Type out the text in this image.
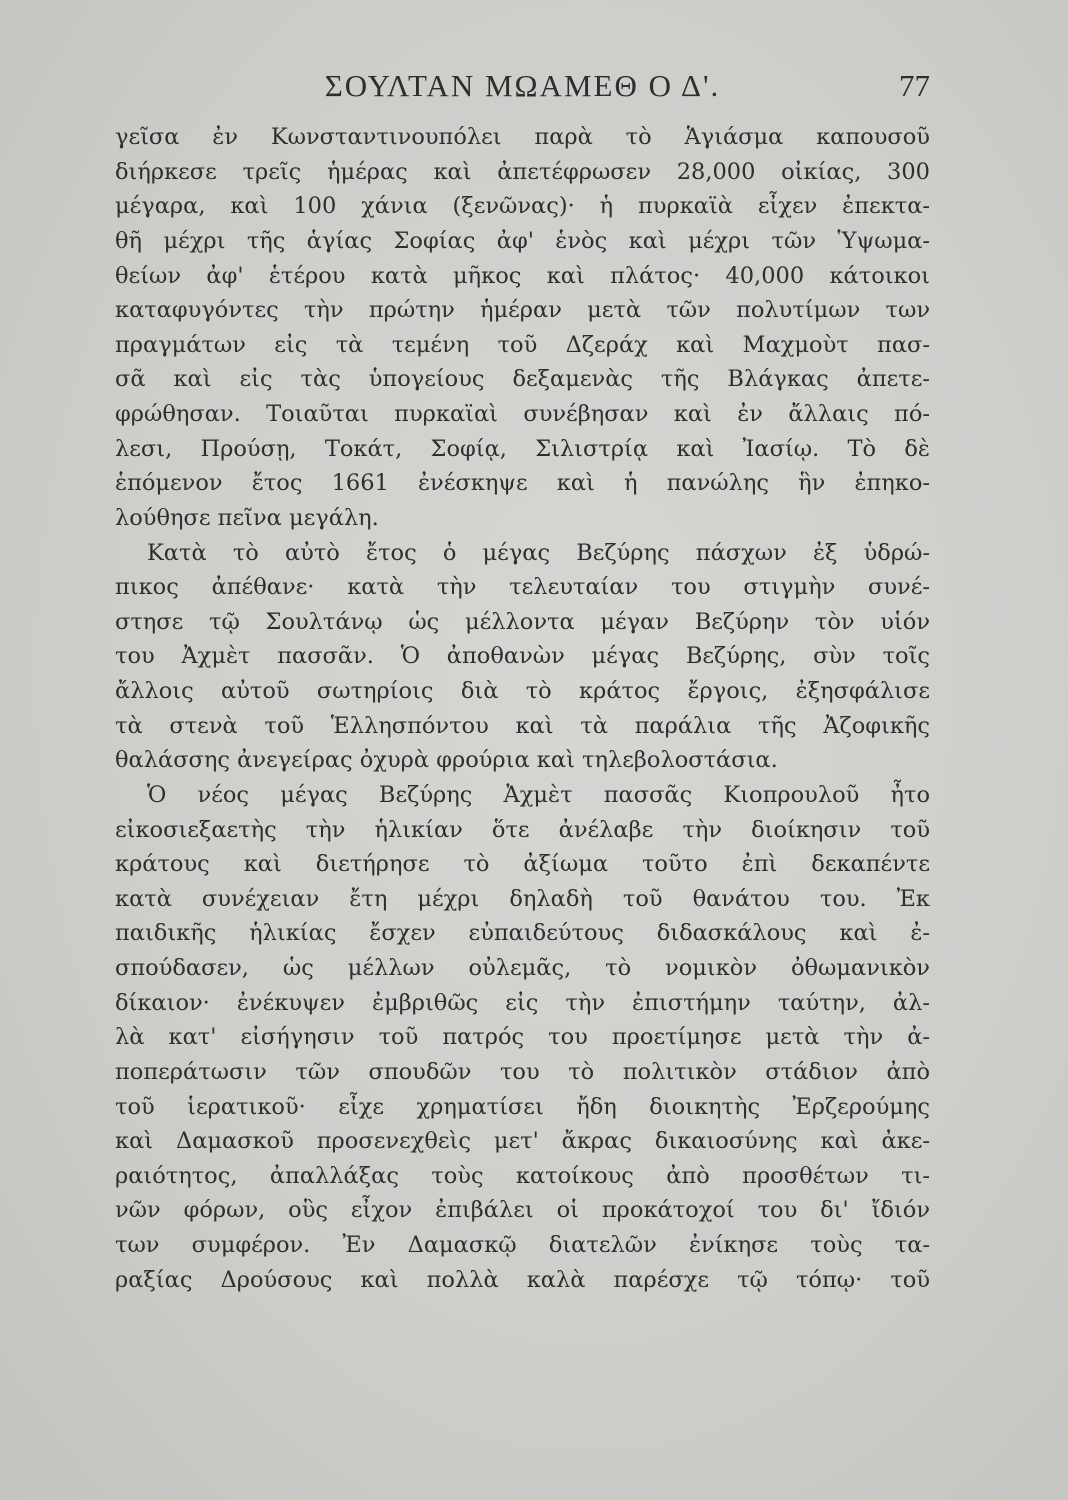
ΣΟΥΛΤΑΝ ΜΩΑΜΕΘ Ο Δ'.	77
γεῖσα ἐν Κωνσταντινουπόλει παρὰ τὸ Ἁγιάσμα καπουσοῦ
διήρκεσε τρεῖς ἡμέρας καὶ ἀπετέφρωσεν 28,000 οἰκίας, 300
μέγαρα, καὶ 100 χάνια (ξενῶνας)· ἡ πυρκαϊὰ εἶχεν ἐπεκτα-
θῆ μέχρι τῆς ἁγίας Σοφίας ἀφ' ἑνὸς καὶ μέχρι τῶν Ὑψωμα-
θείων ἀφ' ἑτέρου κατὰ μῆκος καὶ πλάτος· 40,000 κάτοικοι
καταφυγόντες τὴν πρώτην ἡμέραν μετὰ τῶν πολυτίμων των
πραγμάτων εἰς τὰ τεμένη τοῦ Δζεράχ καὶ Μαχμοὺτ πασ-
σᾶ καὶ εἰς τὰς ὑπογείους δεξαμενὰς τῆς Βλάγκας ἀπετε-
φρώθησαν. Τοιαῦται πυρκαϊαὶ συνέβησαν καὶ ἐν ἄλλαις πό-
λεσι, Προύσῃ, Τοκάτ, Σοφίᾳ, Σιλιστρίᾳ καὶ Ἰασίῳ. Τὸ δὲ
ἑπόμενον ἔτος 1661 ἐνέσκηψε καὶ ἡ πανώλης ἣν ἐπηκο-
λούθησε πεῖνα μεγάλη.
Κατὰ τὸ αὐτὸ ἔτος ὁ μέγας Βεζύρης πάσχων ἐξ ὑδρώ-
πικος ἀπέθανε· κατὰ τὴν τελευταίαν του στιγμὴν συνέ-
στησε τῷ Σουλτάνῳ ὡς μέλλοντα μέγαν Βεζύρην τὸν υἱόν
του Ἀχμὲτ πασσᾶν. Ὁ ἀποθανὼν μέγας Βεζύρης, σὺν τοῖς
ἄλλοις αὐτοῦ σωτηρίοις διὰ τὸ κράτος ἔργοις, ἐξησφάλισε
τὰ στενὰ τοῦ Ἑλλησπόντου καὶ τὰ παράλια τῆς Ἀζοφικῆς
θαλάσσης ἀνεγείρας ὀχυρὰ φρούρια καὶ τηλεβολοστάσια.
Ὁ νέος μέγας Βεζύρης Ἀχμὲτ πασσᾶς Κιοπρουλοῦ ἦτο
εἰκοσιεξαετὴς τὴν ἡλικίαν ὅτε ἀνέλαβε τὴν διοίκησιν τοῦ
κράτους καὶ διετήρησε τὸ ἀξίωμα τοῦτο ἐπὶ δεκαπέντε
κατὰ συνέχειαν ἔτη μέχρι δηλαδὴ τοῦ θανάτου του. Ἐκ
παιδικῆς ἡλικίας ἔσχεν εὐπαιδεύτους διδασκάλους καὶ ἐ-
σπούδασεν, ὡς μέλλων οὐλεμᾶς, τὸ νομικὸν ὀθωμανικὸν
δίκαιον· ἐνέκυψεν ἐμβριθῶς εἰς τὴν ἐπιστήμην ταύτην, ἀλ-
λὰ κατ' εἰσήγησιν τοῦ πατρός του προετίμησε μετὰ τὴν ἀ-
ποπεράτωσιν τῶν σπουδῶν του τὸ πολιτικὸν στάδιον ἀπὸ
τοῦ ἱερατικοῦ· εἶχε χρηματίσει ἤδη διοικητὴς Ἐρζερούμης
καὶ Δαμασκοῦ προσενεχθεὶς μετ' ἄκρας δικαιοσύνης καὶ ἀκε-
ραιότητος, ἀπαλλάξας τοὺς κατοίκους ἀπὸ προσθέτων τι-
νῶν φόρων, οὓς εἶχον ἐπιβάλει οἱ προκάτοχοί του δι' ἴδιόν
των συμφέρον. Ἐν Δαμασκῷ διατελῶν ἐνίκησε τοὺς τα-
ραξίας Δρούσους καὶ πολλὰ καλὰ παρέσχε τῷ τόπῳ· τοῦ
